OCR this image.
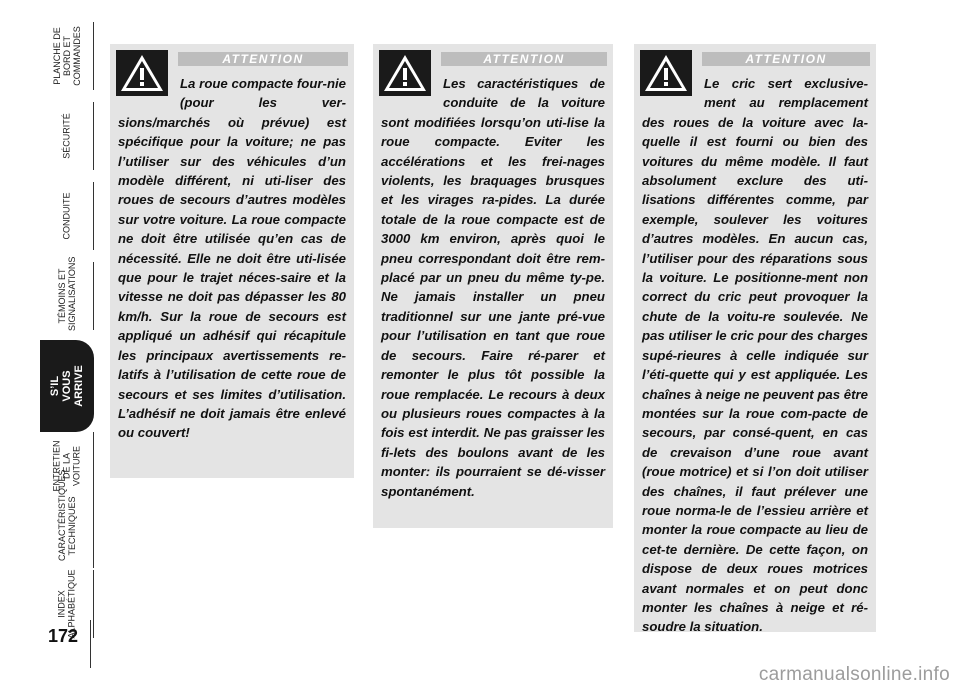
PLANCHE DE
BORD ET
COMMANDES
SÉCURITÉ
CONDUITE
TÉMOINS ET
SIGNALISATIONS
S’IL VOUS
ARRIVE
ENTRETIEN
DE LA VOITURE
CARACTÉRISTIQUES
TECHNIQUES
INDEX
ALPHABÉTIQUE
172
ATTENTION
La roue compacte four-nie (pour les ver-sions/marchés où prévue) est spécifique pour la voiture; ne pas l’utiliser sur des véhicules d’un modèle différent, ni uti-liser des roues de secours d’autres modèles sur votre voiture. La roue compacte ne doit être utilisée qu’en cas de nécessité. Elle ne doit être uti-lisée que pour le trajet néces-saire et la vitesse ne doit pas dépasser les 80 km/h. Sur la roue de secours est appliqué un adhésif qui récapitule les principaux avertissements re-latifs à l’utilisation de cette roue de secours et ses limites d’utilisation. L’adhésif ne doit jamais être enlevé ou couvert!
ATTENTION
Les caractéristiques de conduite de la voiture sont modifiées lorsqu’on uti-lise la roue compacte. Eviter les accélérations et les frei-nages violents, les braquages brusques et les virages ra-pides. La durée totale de la roue compacte est de 3000 km environ, après quoi le pneu correspondant doit être rem-placé par un pneu du même ty-pe. Ne jamais installer un pneu traditionnel sur une jante pré-vue pour l’utilisation en tant que roue de secours. Faire ré-parer et remonter le plus tôt possible la roue remplacée. Le recours à deux ou plusieurs roues compactes à la fois est interdit. Ne pas graisser les fi-lets des boulons avant de les monter: ils pourraient se dé-visser spontanément.
ATTENTION
Le cric sert exclusive-ment au remplacement des roues de la voiture avec la-quelle il est fourni ou bien des voitures du même modèle. Il faut absolument exclure des uti-lisations différentes comme, par exemple, soulever les voitures d’autres modèles. En aucun cas, l’utiliser pour des réparations sous la voiture. Le positionne-ment non correct du cric peut provoquer la chute de la voitu-re soulevée. Ne pas utiliser le cric pour des charges supé-rieures à celle indiquée sur l’éti-quette qui y est appliquée. Les chaînes à neige ne peuvent pas être montées sur la roue com-pacte de secours, par consé-quent, en cas de crevaison d’une roue avant (roue motrice) et si l’on doit utiliser des chaînes, il faut prélever une roue norma-le de l’essieu arrière et monter la roue compacte au lieu de cet-te dernière. De cette façon, on dispose de deux roues motrices avant normales et on peut donc monter les chaînes à neige et ré-soudre la situation.
carmanualsonline.info
